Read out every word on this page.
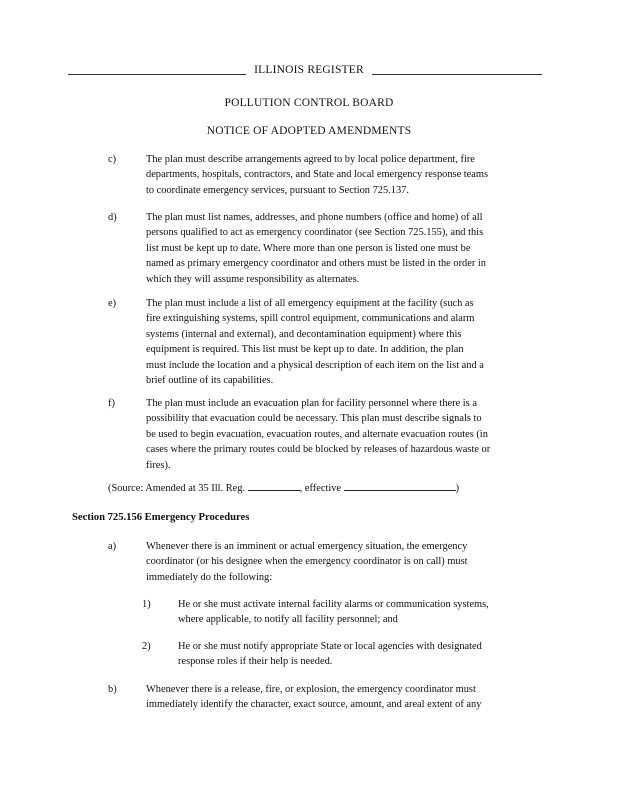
ILLINOIS REGISTER
POLLUTION CONTROL BOARD
NOTICE OF ADOPTED AMENDMENTS
c)	The plan must describe arrangements agreed to by local police department, fire
departments, hospitals, contractors, and State and local emergency response teams
to coordinate emergency services, pursuant to Section 725.137.
d)	The plan must list names, addresses, and phone numbers (office and home) of all
persons qualified to act as emergency coordinator (see Section 725.155), and this
list must be kept up to date. Where more than one person is listed one must be
named as primary emergency coordinator and others must be listed in the order in
which they will assume responsibility as alternates.
e)	The plan must include a list of all emergency equipment at the facility (such as
fire extinguishing systems, spill control equipment, communications and alarm
systems (internal and external), and decontamination equipment) where this
equipment is required. This list must be kept up to date. In addition, the plan
must include the location and a physical description of each item on the list and a
brief outline of its capabilities.
f)	The plan must include an evacuation plan for facility personnel where there is a
possibility that evacuation could be necessary. This plan must describe signals to
be used to begin evacuation, evacuation routes, and alternate evacuation routes (in
cases where the primary routes could be blocked by releases of hazardous waste or
fires).
(Source: Amended at 35 Ill. Reg.	, effective	)
Section 725.156 Emergency Procedures
a)	Whenever there is an imminent or actual emergency situation, the emergency
coordinator (or his designee when the emergency coordinator is on call) must
immediately do the following:
1)	He or she must activate internal facility alarms or communication systems,
where applicable, to notify all facility personnel; and
2)	He or she must notify appropriate State or local agencies with designated
response roles if their help is needed.
b)	Whenever there is a release, fire, or explosion, the emergency coordinator must
immediately identify the character, exact source, amount, and areal extent of any
